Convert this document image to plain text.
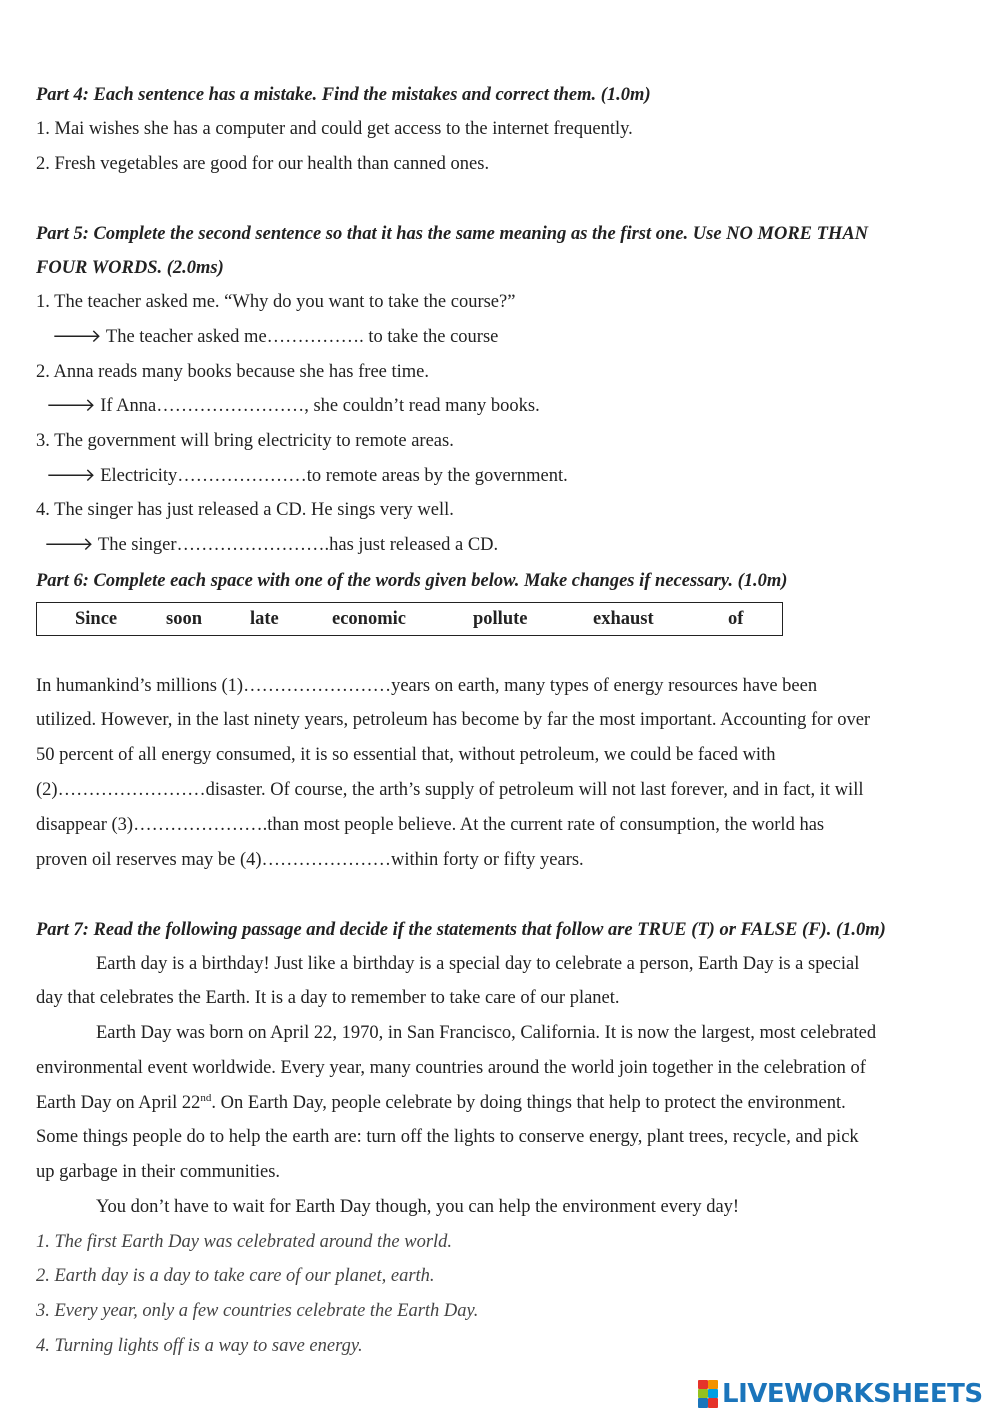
Part 4: Each sentence has a mistake. Find the mistakes and correct them. (1.0m)
1. Mai wishes she has a computer and could get access to the internet frequently.
2. Fresh vegetables are good for our health than canned ones.
Part 5: Complete the second sentence so that it has the same meaning as the first one. Use NO MORE THAN
FOUR WORDS. (2.0ms)
1. The teacher asked me. “Why do you want to take the course?”
🡒 The teacher asked me……………. to take the course
2. Anna reads many books because she has free time.
🡒 If Anna……………………, she couldn’t read many books.
3. The government will bring electricity to remote areas.
🡒 Electricity…………………to remote areas by the government.
4. The singer has just released a CD. He sings very well.
🡒 The singer…………………….has just released a CD.
Part 6: Complete each space with one of the words given below. Make changes if necessary. (1.0m)
Since	soon	late	economic	pollute	exhaust	of
In humankind’s millions (1)……………………years on earth, many types of energy resources have been
utilized. However, in the last ninety years, petroleum has become by far the most important. Accounting for over
50 percent of all energy consumed, it is so essential that, without petroleum, we could be faced with
(2)……………………disaster. Of course, the arth’s supply of petroleum will not last forever, and in fact, it will
disappear (3)………………….than most people believe. At the current rate of consumption, the world has
proven oil reserves may be (4)…………………within forty or fifty years.
Part 7: Read the following passage and decide if the statements that follow are TRUE (T) or FALSE (F). (1.0m)
Earth day is a birthday! Just like a birthday is a special day to celebrate a person, Earth Day is a special
day that celebrates the Earth. It is a day to remember to take care of our planet.
Earth Day was born on April 22, 1970, in San Francisco, California. It is now the largest, most celebrated
environmental event worldwide. Every year, many countries around the world join together in the celebration of
Earth Day on April 22nd. On Earth Day, people celebrate by doing things that help to protect the environment.
Some things people do to help the earth are: turn off the lights to conserve energy, plant trees, recycle, and pick
up garbage in their communities.
You don’t have to wait for Earth Day though, you can help the environment every day!
1. The first Earth Day was celebrated around the world.
2. Earth day is a day to take care of our planet, earth.
3. Every year, only a few countries celebrate the Earth Day.
4. Turning lights off is a way to save energy.
LIVEWORKSHEETS
